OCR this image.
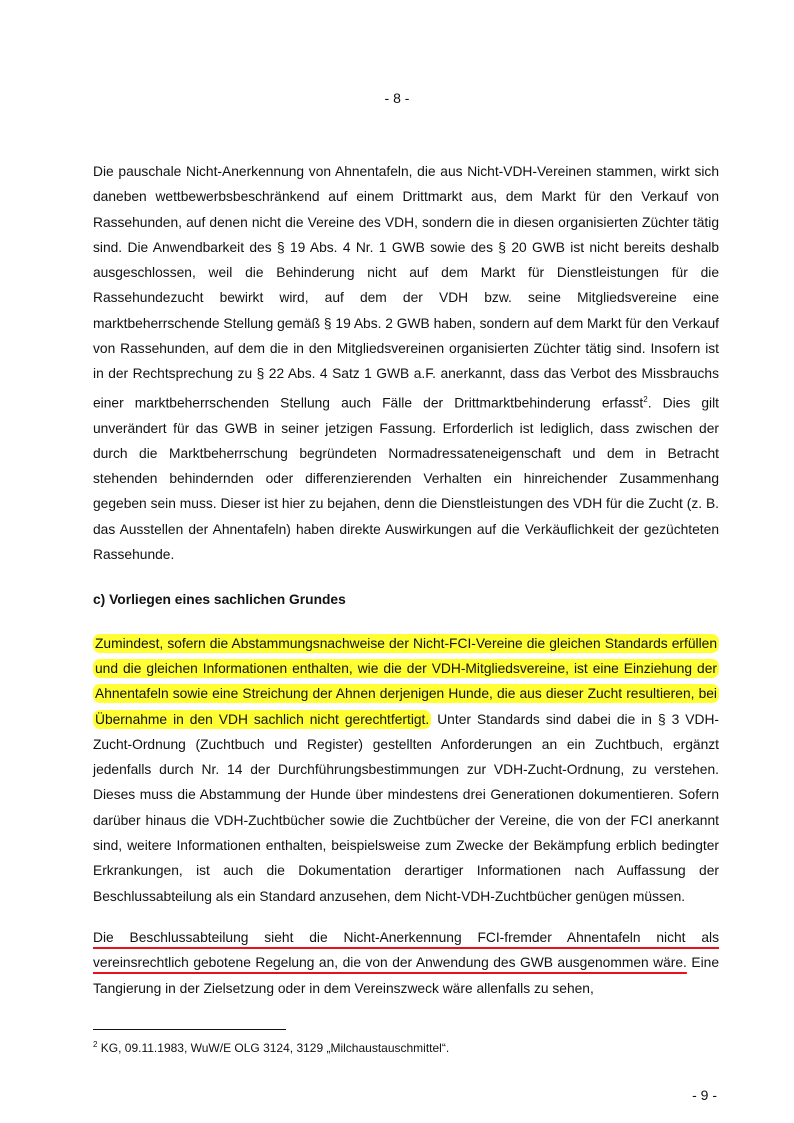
- 8 -

Die pauschale Nicht-Anerkennung von Ahnentafeln, die aus Nicht-VDH-Vereinen stammen, wirkt sich daneben wettbewerbsbeschränkend auf einem Drittmarkt aus, dem Markt für den Verkauf von Rassehunden, auf denen nicht die Vereine des VDH, sondern die in diesen organisierten Züchter tätig sind. Die Anwendbarkeit des § 19 Abs. 4 Nr. 1 GWB sowie des § 20 GWB ist nicht bereits deshalb ausgeschlossen, weil die Behinderung nicht auf dem Markt für Dienstleistungen für die Rassehundezucht bewirkt wird, auf dem der VDH bzw. seine Mitgliedsvereine eine marktbeherrschende Stellung gemäß § 19 Abs. 2 GWB haben, sondern auf dem Markt für den Verkauf von Rassehunden, auf dem die in den Mitgliedsvereinen organisierten Züchter tätig sind. Insofern ist in der Rechtsprechung zu § 22 Abs. 4 Satz 1 GWB a.F. anerkannt, dass das Verbot des Missbrauchs einer marktbeherrschenden Stellung auch Fälle der Drittmarktbehinderung erfasst$^2$. Dies gilt unverändert für das GWB in seiner jetzigen Fassung. Erforderlich ist lediglich, dass zwischen der durch die Marktbeherrschung begründeten Normadressateneigenschaft und dem in Betracht stehenden behindernden oder differenzierenden Verhalten ein hinreichender Zusammenhang gegeben sein muss. Dieser ist hier zu bejahen, denn die Dienstleistungen des VDH für die Zucht (z. B. das Ausstellen der Ahnentafeln) haben direkte Auswirkungen auf die Verkäuflichkeit der gezüchteten Rassehunde.

c) Vorliegen eines sachlichen Grundes

Zumindest, sofern die Abstammungsnachweise der Nicht-FCI-Vereine die gleichen Standards erfüllen und die gleichen Informationen enthalten, wie die der VDH-Mitgliedsvereine, ist eine Einziehung der Ahnentafeln sowie eine Streichung der Ahnen derjenigen Hunde, die aus dieser Zucht resultieren, bei Übernahme in den VDH sachlich nicht gerechtfertigt. Unter Standards sind dabei die in § 3 VDH-Zucht-Ordnung (Zuchtbuch und Register) gestellten Anforderungen an ein Zuchtbuch, ergänzt jedenfalls durch Nr. 14 der Durchführungsbestimmungen zur VDH-Zucht-Ordnung, zu verstehen. Dieses muss die Abstammung der Hunde über mindestens drei Generationen dokumentieren. Sofern darüber hinaus die VDH-Zuchtbücher sowie die Zuchtbücher der Vereine, die von der FCI anerkannt sind, weitere Informationen enthalten, beispielsweise zum Zwecke der Bekämpfung erblich bedingter Erkrankungen, ist auch die Dokumentation derartiger Informationen nach Auffassung der Beschlussabteilung als ein Standard anzusehen, dem Nicht-VDH-Zuchtbücher genügen müssen.

Die Beschlussabteilung sieht die Nicht-Anerkennung FCI-fremder Ahnentafeln nicht als vereinsrechtlich gebotene Regelung an, die von der Anwendung des GWB ausgenommen wäre. Eine Tangierung in der Zielsetzung oder in dem Vereinszweck wäre allenfalls zu sehen,

$^2$ KG, 09.11.1983, WuW/E OLG 3124, 3129 „Milchaustauschmittel“.
- 9 -
